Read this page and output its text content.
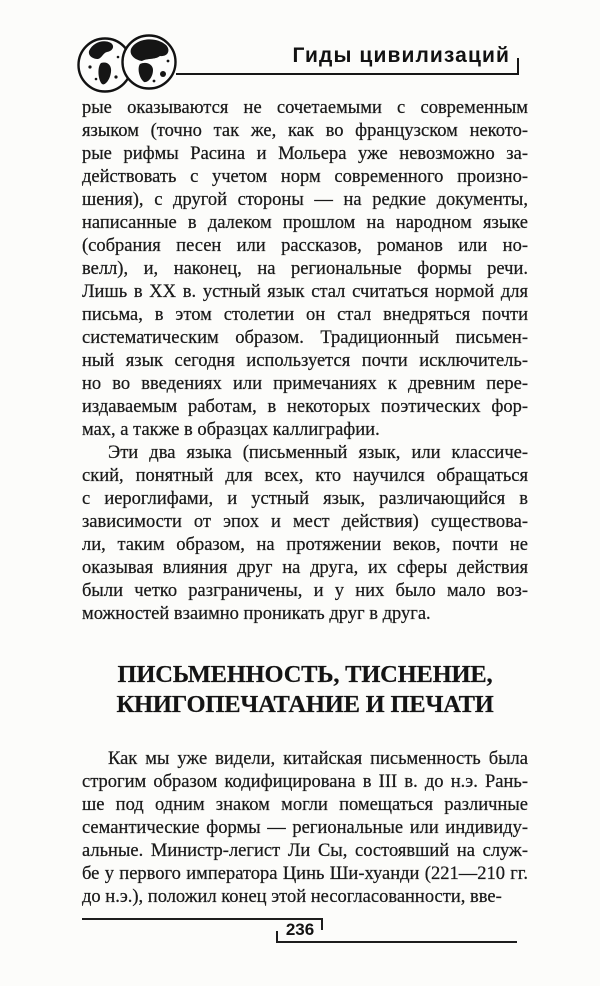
Гиды цивилизаций
рые оказываются не сочетаемыми с современным
языком (точно так же, как во французском некото-
рые рифмы Расина и Мольера уже невозможно за-
действовать с учетом норм современного произно-
шения), с другой стороны — на редкие документы,
написанные в далеком прошлом на народном языке
(собрания песен или рассказов, романов или но-
велл), и, наконец, на региональные формы речи.
Лишь в XX в. устный язык стал считаться нормой для
письма, в этом столетии он стал внедряться почти
систематическим образом. Традиционный письмен-
ный язык сегодня используется почти исключитель-
но во введениях или примечаниях к древним пере-
издаваемым работам, в некоторых поэтических фор-
мах, а также в образцах каллиграфии.
Эти два языка (письменный язык, или классиче-
ский, понятный для всех, кто научился обращаться
с иероглифами, и устный язык, различающийся в
зависимости от эпох и мест действия) существова-
ли, таким образом, на протяжении веков, почти не
оказывая влияния друг на друга, их сферы действия
были четко разграничены, и у них было мало воз-
можностей взаимно проникать друг в друга.
ПИСЬМЕННОСТЬ, ТИСНЕНИЕ,
КНИГОПЕЧАТАНИЕ И ПЕЧАТИ
Как мы уже видели, китайская письменность была
строгим образом кодифицирована в III в. до н.э. Рань-
ше под одним знаком могли помещаться различные
семантические формы — региональные или индивиду-
альные. Министр-легист Ли Сы, состоявший на служ-
бе у первого императора Цинь Ши-хуанди (221—210 гг.
до н.э.), положил конец этой несогласованности, вве-
236
